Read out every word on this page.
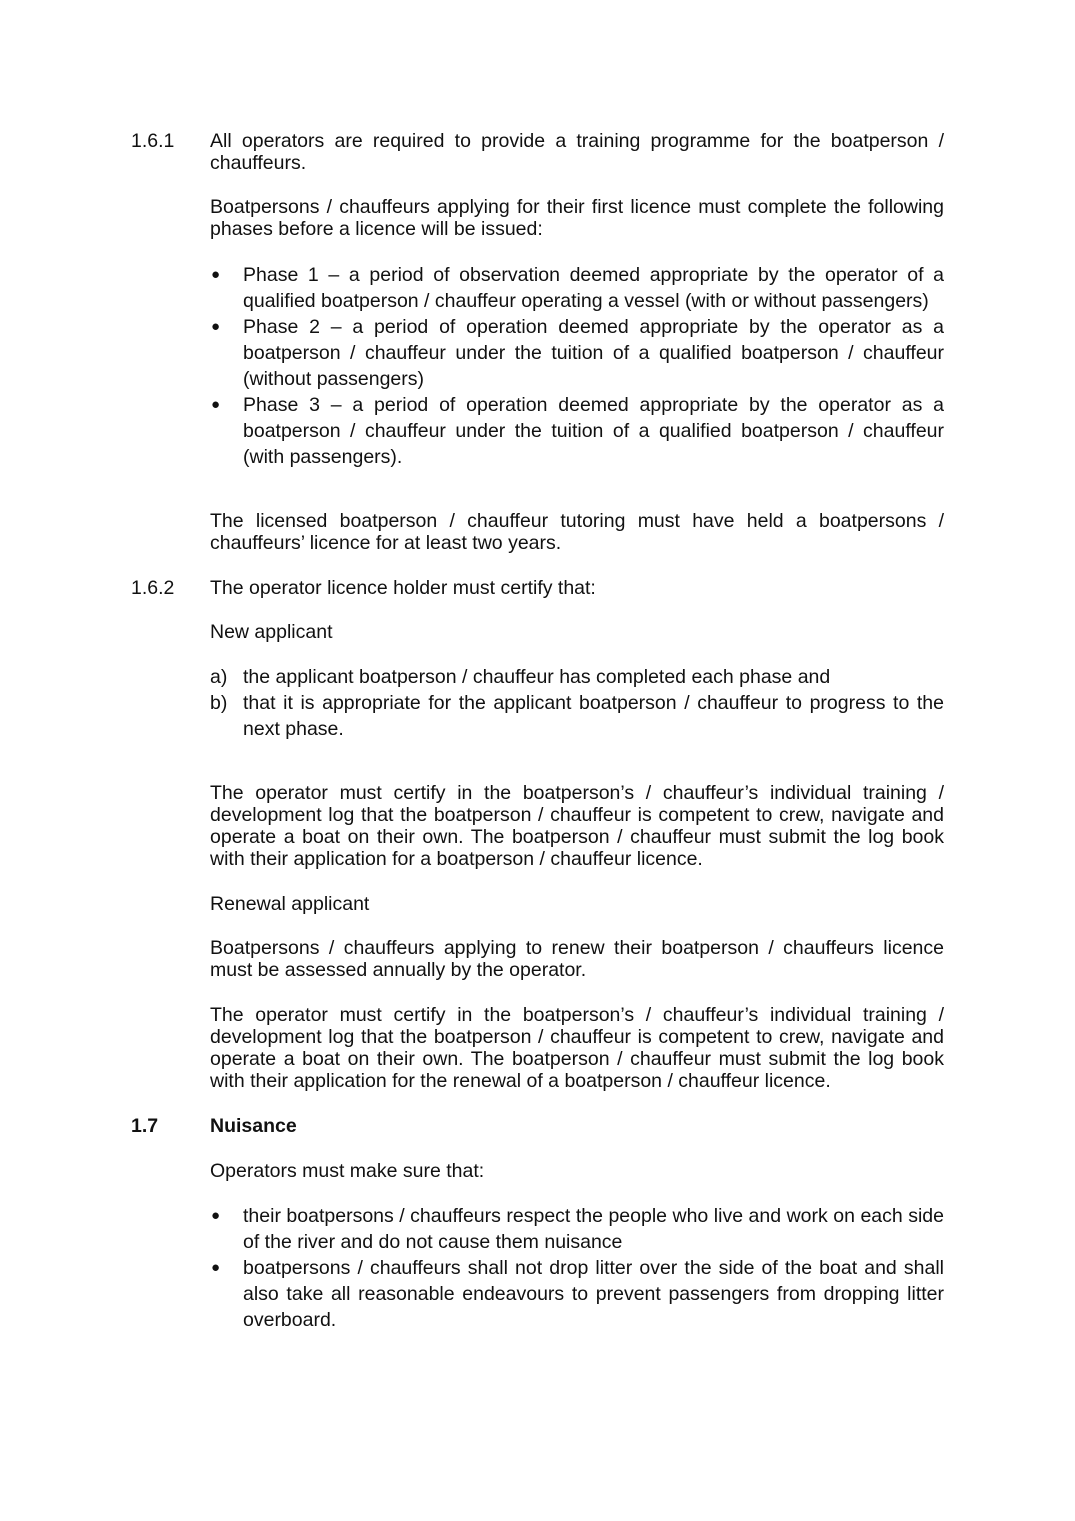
1.6.1 All operators are required to provide a training programme for the boatperson / chauffeurs.
Boatpersons / chauffeurs applying for their first licence must complete the following phases before a licence will be issued:
● Phase 1 – a period of observation deemed appropriate by the operator of a qualified boatperson / chauffeur operating a vessel (with or without passengers)
● Phase 2 – a period of operation deemed appropriate by the operator as a boatperson / chauffeur under the tuition of a qualified boatperson / chauffeur (without passengers)
● Phase 3 – a period of operation deemed appropriate by the operator as a boatperson / chauffeur under the tuition of a qualified boatperson / chauffeur (with passengers).
The licensed boatperson / chauffeur tutoring must have held a boatpersons / chauffeurs’ licence for at least two years.
1.6.2 The operator licence holder must certify that:
New applicant
a) the applicant boatperson / chauffeur has completed each phase and
b) that it is appropriate for the applicant boatperson / chauffeur to progress to the next phase.
The operator must certify in the boatperson’s / chauffeur’s individual training / development log that the boatperson / chauffeur is competent to crew, navigate and operate a boat on their own. The boatperson / chauffeur must submit the log book with their application for a boatperson / chauffeur licence.
Renewal applicant
Boatpersons / chauffeurs applying to renew their boatperson / chauffeurs licence must be assessed annually by the operator.
The operator must certify in the boatperson’s / chauffeur’s individual training / development log that the boatperson / chauffeur is competent to crew, navigate and operate a boat on their own. The boatperson / chauffeur must submit the log book with their application for the renewal of a boatperson / chauffeur licence.
1.7	Nuisance
Operators must make sure that:
● their boatpersons / chauffeurs respect the people who live and work on each side of the river and do not cause them nuisance
● boatpersons / chauffeurs shall not drop litter over the side of the boat and shall also take all reasonable endeavours to prevent passengers from dropping litter overboard.
